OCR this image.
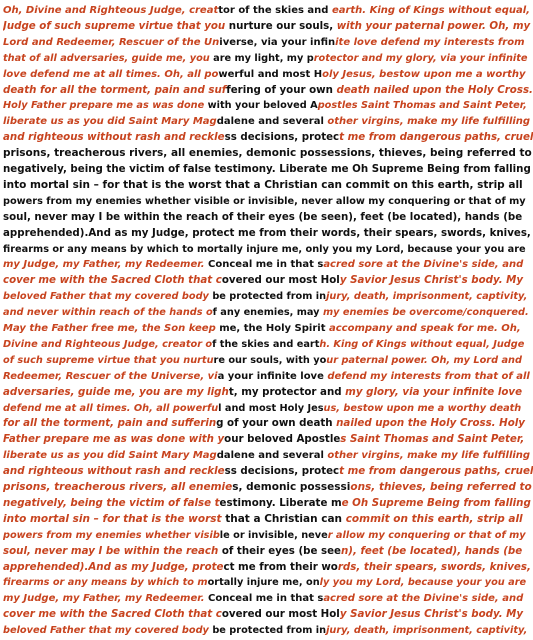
Oh, Divine and Righteous Judge, creattor of the skies and earth. King of Kings without equal,
Judge of such supreme virtue that you nurture our souls, with your paternal power. Oh, my
Lord and Redeemer, Rescuer of the Universe, via your infinite love defend my interests from
that of all adversaries, guide me, you are my light, my protector and my glory, via your infinite
love defend me at all times. Oh, all powerful and most Holy Jesus, bestow upon me a worthy
death for all the torment, pain and suffering of your own death nailed upon the Holy Cross.
Holy Father prepare me as was done with your beloved Apostles Saint Thomas and Saint Peter,
liberate us as you did Saint Mary Magdalene and several other virgins, make my life fulfilling
and righteous without rash and reckless decisions, protect me from dangerous paths, cruel
prisons, treacherous rivers, all enemies, demonic possessions, thieves, being referred to
negatively, being the victim of false testimony. Liberate me Oh Supreme Being from falling
into mortal sin – for that is the worst that a Christian can commit on this earth, strip all
powers from my enemies whether visible or invisible, never allow my conquering or that of my
soul, never may I be within the reach of their eyes (be seen), feet (be located), hands (be
apprehended).And as my Judge, protect me from their words, their spears, swords, knives,
firearms or any means by which to mortally injure me, only you my Lord, because your you are
my Judge, my Father, my Redeemer. Conceal me in that sacred sore at the Divine's side, and
cover me with the Sacred Cloth that covered our most Holy Savior Jesus Christ's body. My
beloved Father that my covered body be protected from injury, death, imprisonment, captivity,
and never within reach of the hands of any enemies, may my enemies be overcome/conquered.
May the Father free me, the Son keep me, the Holy Spirit accompany and speak for me. Oh,
Divine and Righteous Judge, creator of the skies and earth. King of Kings without equal, Judge
of such supreme virtue that you nurture our souls, with your paternal power. Oh, my Lord and
Redeemer, Rescuer of the Universe, via your infinite love defend my interests from that of all
adversaries, guide me, you are my light, my protector and my glory, via your infinite love
defend me at all times. Oh, all powerful and most Holy Jesus, bestow upon me a worthy death
for all the torment, pain and suffering of your own death nailed upon the Holy Cross. Holy
Father prepare me as was done with your beloved Apostles Saint Thomas and Saint Peter,
liberate us as you did Saint Mary Magdalene and several other virgins, make my life fulfilling
and righteous without rash and reckless decisions, protect me from dangerous paths, cruel
prisons, treacherous rivers, all enemies, demonic possessions, thieves, being referred to
negatively, being the victim of false testimony. Liberate me Oh Supreme Being from falling
into mortal sin – for that is the worst that a Christian can commit on this earth, strip all
powers from my enemies whether visible or invisible, never allow my conquering or that of my
soul, never may I be within the reach of their eyes (be seen), feet (be located), hands (be
apprehended).And as my Judge, protect me from their words, their spears, swords, knives,
firearms or any means by which to mortally injure me, only you my Lord, because your you are
my Judge, my Father, my Redeemer. Conceal me in that sacred sore at the Divine's side, and
cover me with the Sacred Cloth that covered our most Holy Savior Jesus Christ's body. My
beloved Father that my covered body be protected from injury, death, imprisonment, captivity,
